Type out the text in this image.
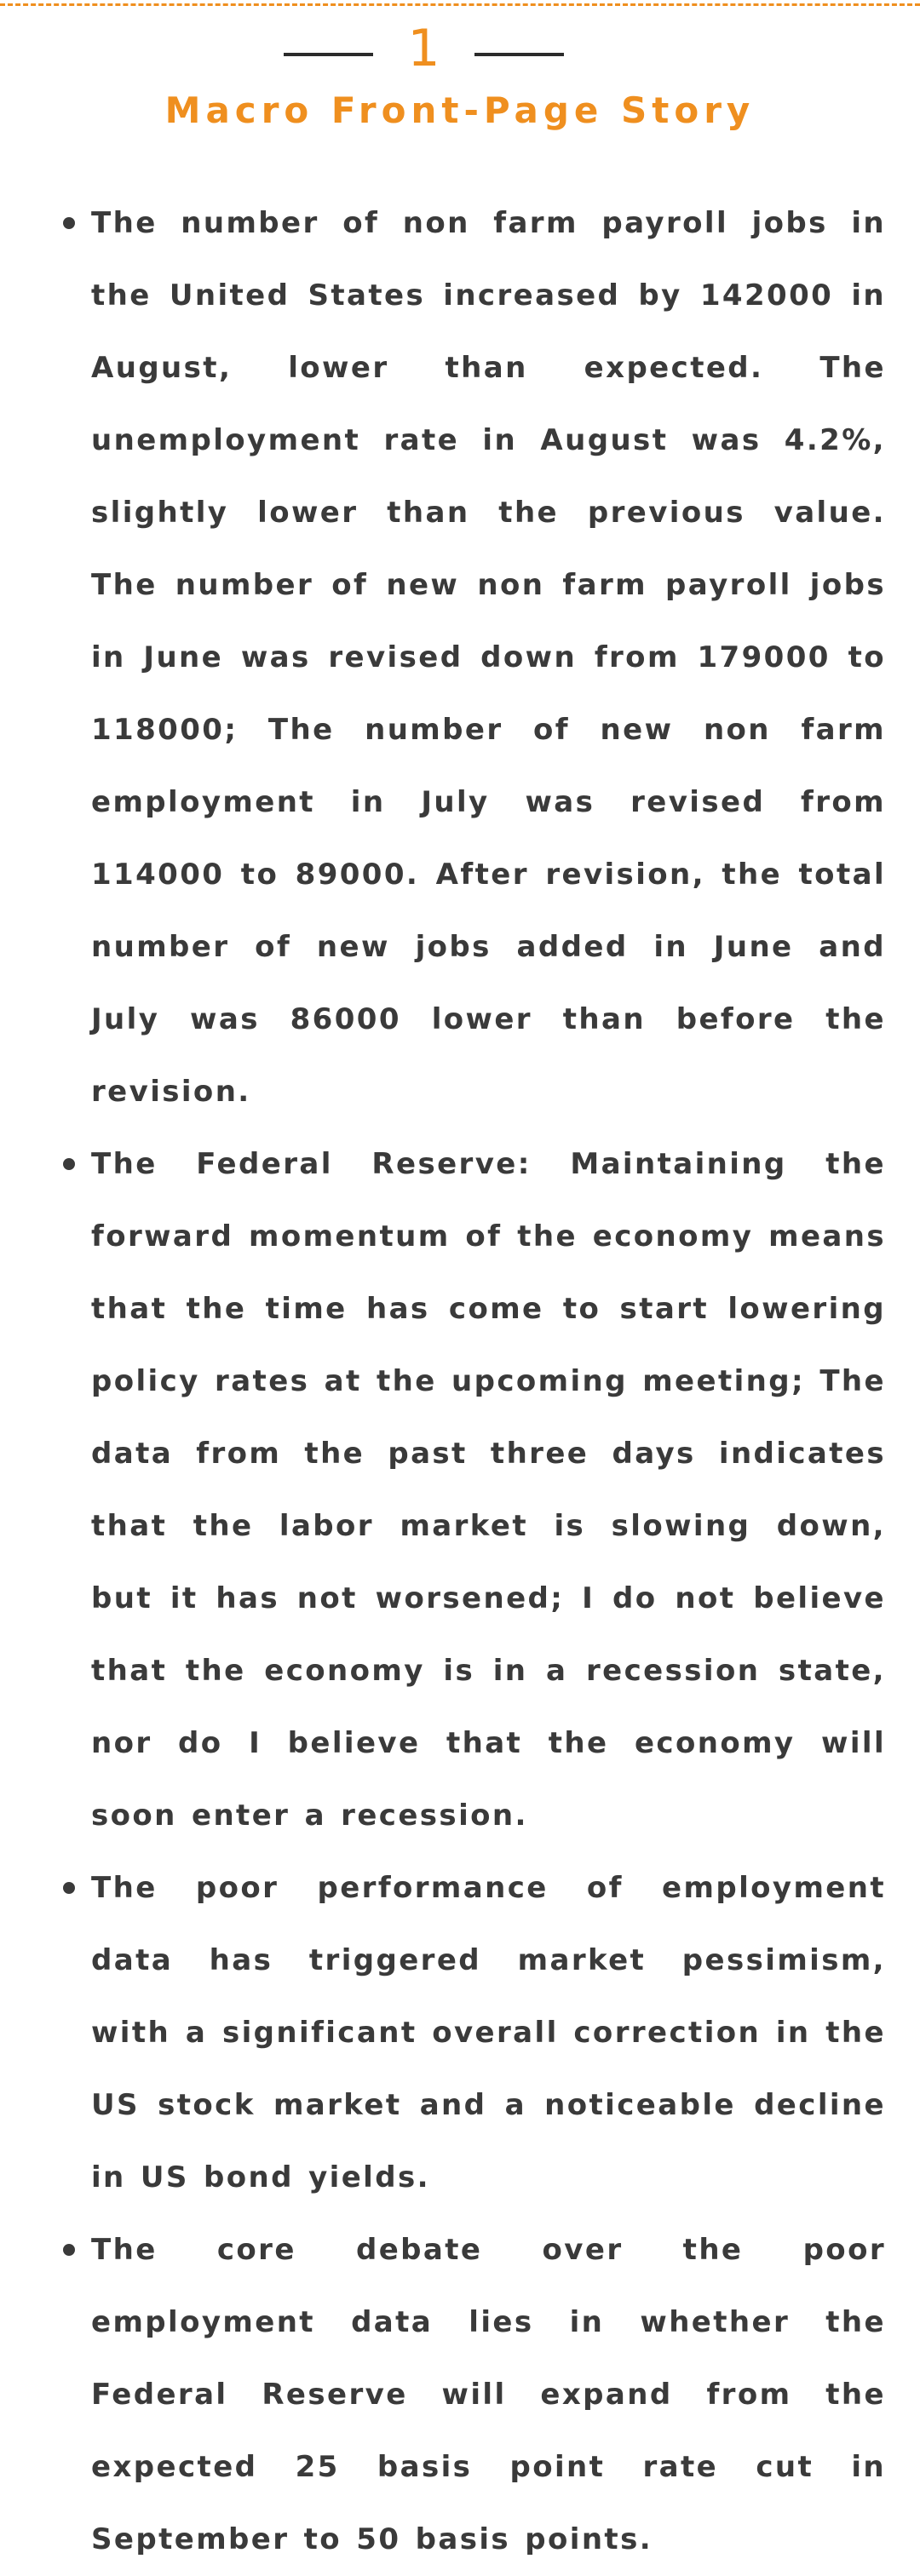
1
Macro Front-Page Story
The number of non farm payroll jobs in the United States increased by 142000 in August, lower than expected. The unemployment rate in August was 4.2%, slightly lower than the previous value. The number of new non farm payroll jobs in June was revised down from 179000 to 118000; The number of new non farm employment in July was revised from 114000 to 89000. After revision, the total number of new jobs added in June and July was 86000 lower than before the revision.
The Federal Reserve: Maintaining the forward momentum of the economy means that the time has come to start lowering policy rates at the upcoming meeting; The data from the past three days indicates that the labor market is slowing down, but it has not worsened; I do not believe that the economy is in a recession state, nor do I believe that the economy will soon enter a recession.
The poor performance of employment data has triggered market pessimism, with a significant overall correction in the US stock market and a noticeable decline in US bond yields.
The core debate over the poor employment data lies in whether the Federal Reserve will expand from the expected 25 basis point rate cut in September to 50 basis points.
